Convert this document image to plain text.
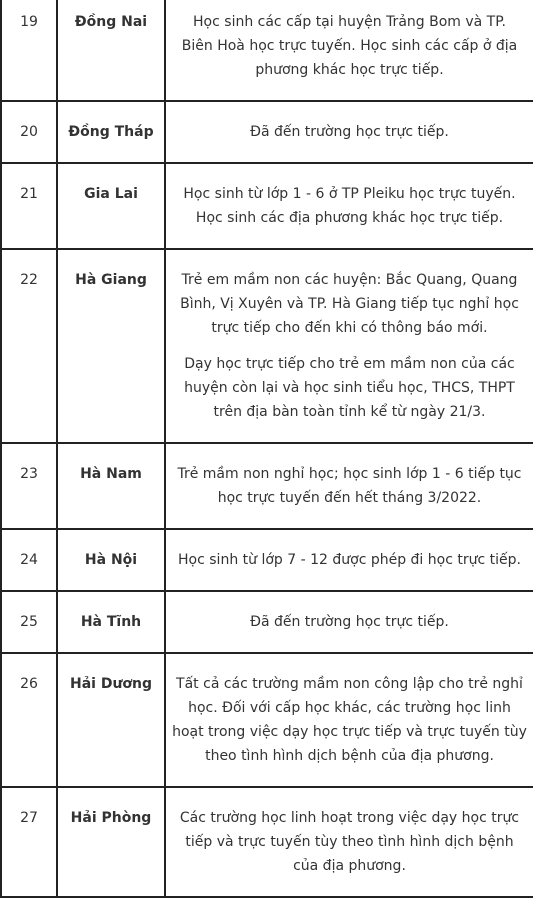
19	Đồng Nai	Học sinh các cấp tại huyện Trảng Bom và TP. Biên Hoà học trực tuyến. Học sinh các cấp ở địa phương khác học trực tiếp.

20	Đồng Tháp	Đã đến trường học trực tiếp.

21	Gia Lai	Học sinh từ lớp 1 - 6 ở TP Pleiku học trực tuyến. Học sinh các địa phương khác học trực tiếp.

22	Hà Giang	Trẻ em mầm non các huyện: Bắc Quang, Quang Bình, Vị Xuyên và TP. Hà Giang tiếp tục nghỉ học trực tiếp cho đến khi có thông báo mới.

Dạy học trực tiếp cho trẻ em mầm non của các huyện còn lại và học sinh tiểu học, THCS, THPT trên địa bàn toàn tỉnh kể từ ngày 21/3.

23	Hà Nam	Trẻ mầm non nghỉ học; học sinh lớp 1 - 6 tiếp tục học trực tuyến đến hết tháng 3/2022.

24	Hà Nội	Học sinh từ lớp 7 - 12 được phép đi học trực tiếp.

25	Hà Tĩnh	Đã đến trường học trực tiếp.

26	Hải Dương	Tất cả các trường mầm non công lập cho trẻ nghỉ học. Đối với cấp học khác, các trường học linh hoạt trong việc dạy học trực tiếp và trực tuyến tùy theo tình hình dịch bệnh của địa phương.

27	Hải Phòng	Các trường học linh hoạt trong việc dạy học trực tiếp và trực tuyến tùy theo tình hình dịch bệnh của địa phương.
